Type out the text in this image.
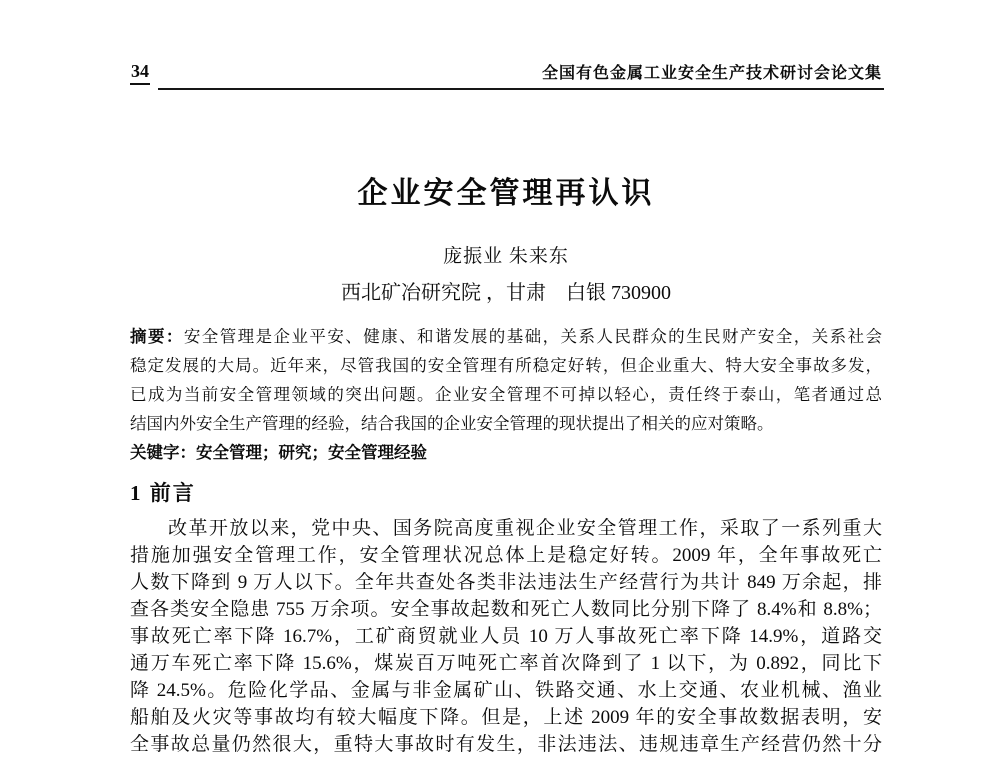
34	全国有色金属工业安全生产技术研讨会论文集
企业安全管理再认识
庞振业 朱来东
西北矿冶研究院 ，甘肃　白银 730900
摘要：安全管理是企业平安、健康、和谐发展的基础，关系人民群众的生民财产安全，关系社会
稳定发展的大局。近年来，尽管我国的安全管理有所稳定好转，但企业重大、特大安全事故多发，
已成为当前安全管理领域的突出问题。企业安全管理不可掉以轻心，责任终于泰山，笔者通过总
结国内外安全生产管理的经验，结合我国的企业安全管理的现状提出了相关的应对策略。
关键字：安全管理；研究；安全管理经验
1 前言
改革开放以来，党中央、国务院高度重视企业安全管理工作，采取了一系列重大
措施加强安全管理工作，安全管理状况总体上是稳定好转。2009 年，全年事故死亡
人数下降到 9 万人以下。全年共查处各类非法违法生产经营行为共计 849 万余起，排
查各类安全隐患 755 万余项。安全事故起数和死亡人数同比分别下降了 8.4%和 8.8%；
事故死亡率下降 16.7%，工矿商贸就业人员 10 万人事故死亡率下降 14.9%，道路交
通万车死亡率下降 15.6%，煤炭百万吨死亡率首次降到了 1 以下，为 0.892，同比下
降 24.5%。危险化学品、金属与非金属矿山、铁路交通、水上交通、农业机械、渔业
船舶及火灾等事故均有较大幅度下降。但是，上述 2009 年的安全事故数据表明，安
全事故总量仍然很大，重特大事故时有发生，非法违法、违规违章生产经营仍然十分
